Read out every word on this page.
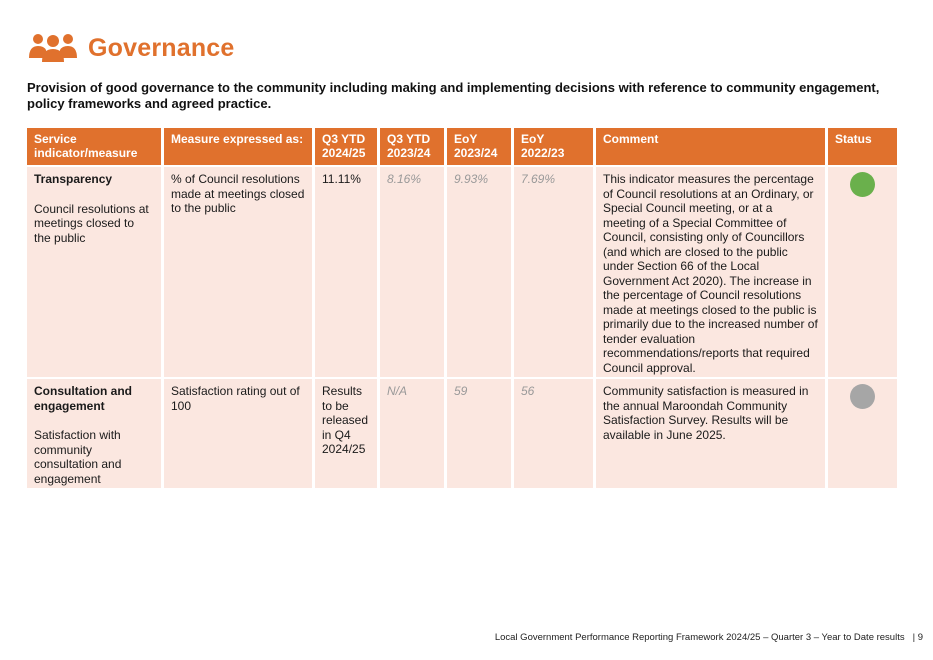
Governance
Provision of good governance to the community including making and implementing decisions with reference to community engagement, policy frameworks and agreed practice.
Service indicator/measure	Measure expressed as:	Q3 YTD 2024/25	Q3 YTD 2023/24	EoY 2023/24	EoY 2022/23	Comment	Status

Transparency
Council resolutions at meetings closed to the public	% of Council resolutions made at meetings closed to the public	11.11%	8.16%	9.93%	7.69%	This indicator measures the percentage of Council resolutions at an Ordinary, or Special Council meeting, or at a meeting of a Special Committee of Council, consisting only of Councillors (and which are closed to the public under Section 66 of the Local Government Act 2020). The increase in the percentage of Council resolutions made at meetings closed to the public is primarily due to the increased number of tender evaluation recommendations/reports that required Council approval.	

Consultation and engagement
Satisfaction with community consultation and engagement	Satisfaction rating out of 100	Results to be released in Q4 2024/25	N/A	59	56	Community satisfaction is measured in the annual Maroondah Community Satisfaction Survey. Results will be available in June 2025.	
Local Government Performance Reporting Framework 2024/25 – Quarter 3 – Year to Date results | 9
